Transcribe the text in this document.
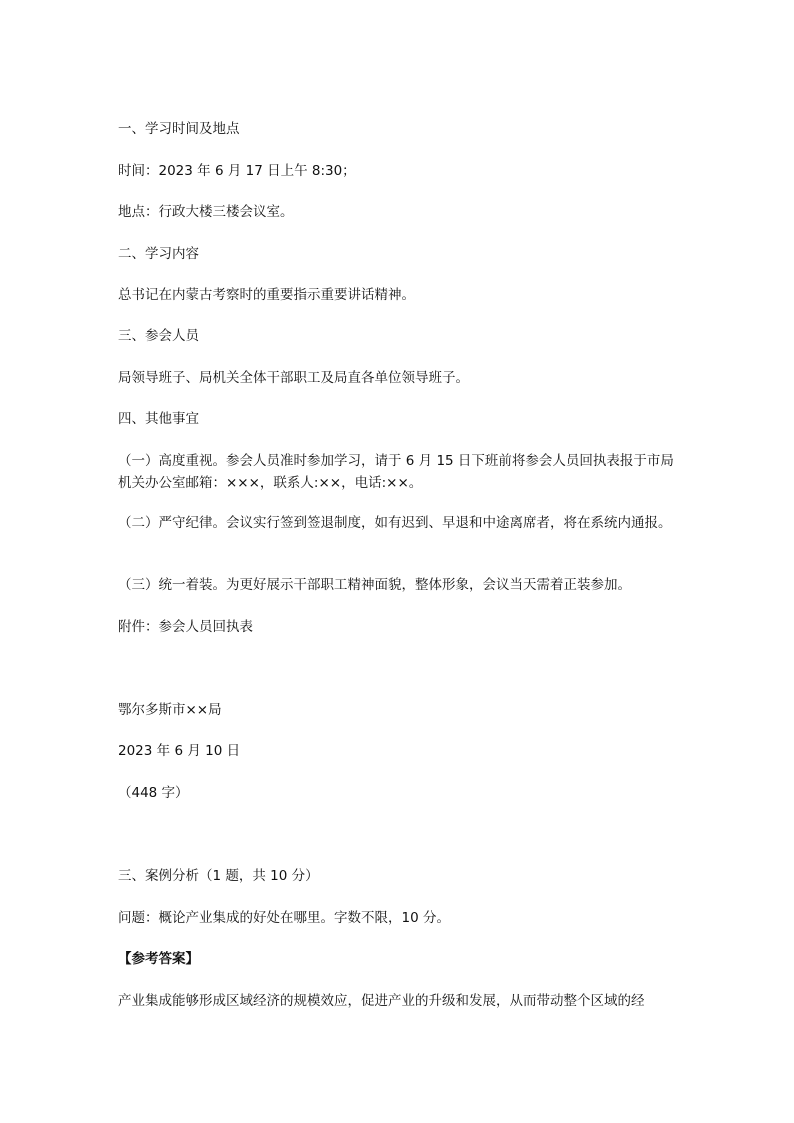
一、学习时间及地点

时间：2023 年 6 月 17 日上午 8:30；

地点：行政大楼三楼会议室。

二、学习内容

总书记在内蒙古考察时的重要指示重要讲话精神。

三、参会人员

局领导班子、局机关全体干部职工及局直各单位领导班子。

四、其他事宜

（一）高度重视。参会人员准时参加学习，请于 6 月 15 日下班前将参会人员回执表报于市局机关办公室邮箱：×××，联系人:××，电话:××。

（二）严守纪律。会议实行签到签退制度，如有迟到、早退和中途离席者，将在系统内通报。

（三）统一着装。为更好展示干部职工精神面貌，整体形象，会议当天需着正装参加。

附件：参会人员回执表

鄂尔多斯市××局

2023 年 6 月 10 日

（448 字）

三、案例分析（1 题，共 10 分）

问题：概论产业集成的好处在哪里。字数不限，10 分。

【参考答案】

产业集成能够形成区域经济的规模效应，促进产业的升级和发展，从而带动整个区域的经
